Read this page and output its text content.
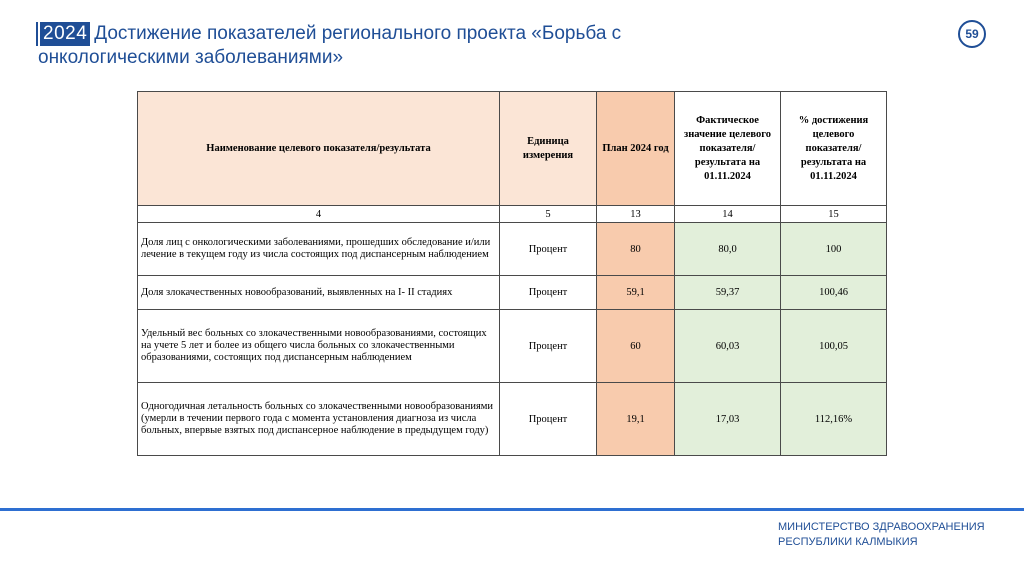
2024 Достижение показателей регионального проекта «Борьба с онкологическими заболеваниями»
59
Наименование целевого показателя/результата	Единица измерения	План 2024 год	Фактическое значение целевого показателя/результата на 01.11.2024	% достижения целевого показателя/результата на 01.11.2024
4	5	13	14	15
Доля лиц с онкологическими заболеваниями, прошедших обследование и/или лечение в текущем году из числа состоящих под диспансерным наблюдением	Процент	80	80,0	100
Доля злокачественных новообразований, выявленных на I- II стадиях	Процент	59,1	59,37	100,46
Удельный вес больных со злокачественными новообразованиями, состоящих на учете 5 лет и более из общего числа больных со злокачественными образованиями, состоящих под диспансерным наблюдением	Процент	60	60,03	100,05
Одногодичная летальность больных со злокачественными новообразованиями (умерли в течении первого года с момента установления диагноза из числа больных, впервые взятых под диспансерное наблюдение в предыдущем году)	Процент	19,1	17,03	112,16%
МИНИСТЕРСТВО ЗДРАВООХРАНЕНИЯ РЕСПУБЛИКИ КАЛМЫКИЯ
